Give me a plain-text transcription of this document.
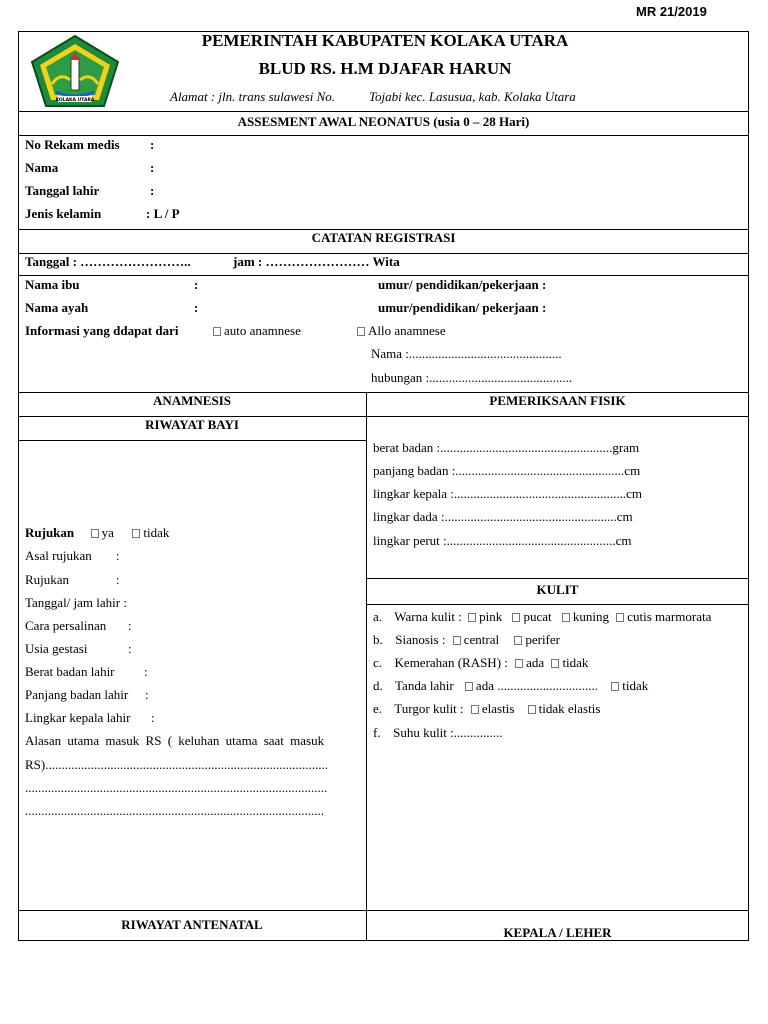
MR 21/2019
KOLAKA UTARA
PEMERINTAH KABUPATEN KOLAKA UTARA
BLUD RS. H.M DJAFAR HARUN
Alamat : jln. trans sulawesi No.	Tojabi kec. Lasusua, kab. Kolaka Utara
ASSESMENT AWAL NEONATUS (usia 0 – 28 Hari)
No Rekam medis :
Nama	:
Tanggal lahir	:
Jenis kelamin	: L / P
CATATAN REGISTRASI
Tanggal : ……………………..	jam : …………………… Wita
Nama ibu	:	umur/ pendidikan/pekerjaan :
Nama ayah	:	umur/pendidikan/ pekerjaan :
Informasi yang ddapat dari	auto anamnese	Allo anamnese
Nama :...............................................
hubungan :............................................
ANAMNESIS	PEMERIKSAAN FISIK
RIWAYAT BAYI
Rujukan ya tidak
Asal rujukan :
Rujukan	:
Tanggal/ jam lahir :
Cara persalinan :
Usia gestasi	:
Berat badan lahir :
Panjang badan lahir :
Lingkar kepala lahir :
Alasan utama masuk RS ( keluhan utama saat masuk
RS).......................................................................................
.............................................................................................
............................................................................................
RIWAYAT ANTENATAL
berat badan :.....................................................gram
panjang badan :....................................................cm
lingkar kepala :.....................................................cm
lingkar dada :.....................................................cm
lingkar perut :....................................................cm
KULIT
a. Warna kulit : pink pucat kuning cutis marmorata
b. Sianosis : central perifer
c. Kemerahan (RASH) : ada tidak
d. Tanda lahir ada ............................... tidak
e. Turgor kulit : elastis tidak elastis
f. Suhu kulit :...............
KEPALA / LEHER
